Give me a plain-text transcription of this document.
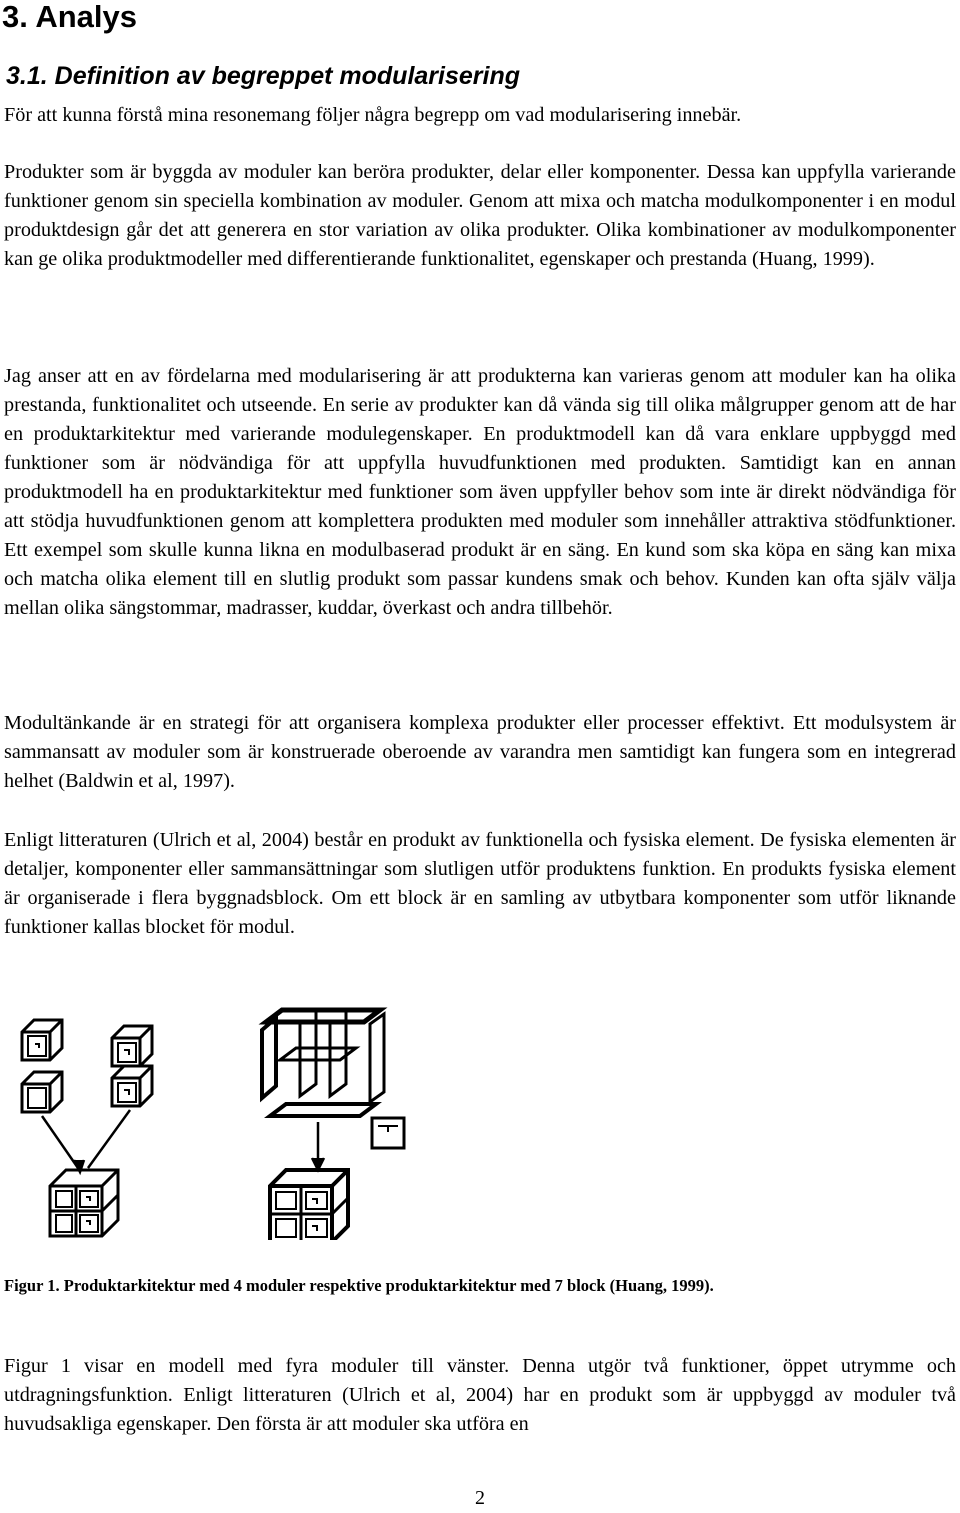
3. Analys
3.1. Definition av begreppet modularisering

För att kunna förstå mina resonemang följer några begrepp om vad modularisering innebär.

Produkter som är byggda av moduler kan beröra produkter, delar eller komponenter. Dessa kan uppfylla varierande funktioner genom sin speciella kombination av moduler. Genom att mixa och matcha modulkomponenter i en modul produktdesign går det att generera en stor variation av olika produkter. Olika kombinationer av modulkomponenter kan ge olika produktmodeller med differentierande funktionalitet, egenskaper och prestanda (Huang, 1999).

Jag anser att en av fördelarna med modularisering är att produkterna kan varieras genom att moduler kan ha olika prestanda, funktionalitet och utseende. En serie av produkter kan då vända sig till olika målgrupper genom att de har en produktarkitektur med varierande modulegenskaper. En produktmodell kan då vara enklare uppbyggd med funktioner som är nödvändiga för att uppfylla huvudfunktionen med produkten. Samtidigt kan en annan produktmodell ha en produktarkitektur med funktioner som även uppfyller behov som inte är direkt nödvändiga för att stödja huvudfunktionen genom att komplettera produkten med moduler som innehåller attraktiva stödfunktioner. Ett exempel som skulle kunna likna en modulbaserad produkt är en säng. En kund som ska köpa en säng kan mixa och matcha olika element till en slutlig produkt som passar kundens smak och behov. Kunden kan ofta själv välja mellan olika sängstommar, madrasser, kuddar, överkast och andra tillbehör.

Modultänkande är en strategi för att organisera komplexa produkter eller processer effektivt. Ett modulsystem är sammansatt av moduler som är konstruerade oberoende av varandra men samtidigt kan fungera som en integrerad helhet (Baldwin et al, 1997).

Enligt litteraturen (Ulrich et al, 2004) består en produkt av funktionella och fysiska element. De fysiska elementen är detaljer, komponenter eller sammansättningar som slutligen utför produktens funktion. En produkts fysiska element är organiserade i flera byggnadsblock. Om ett block är en samling av utbytbara komponenter som utför liknande funktioner kallas blocket för modul.

Figur 1. Produktarkitektur med 4 moduler respektive produktarkitektur med 7 block (Huang, 1999).

Figur 1 visar en modell med fyra moduler till vänster. Denna utgör två funktioner, öppet utrymme och utdragningsfunktion. Enligt litteraturen (Ulrich et al, 2004) har en produkt som är uppbyggd av moduler två huvudsakliga egenskaper. Den första är att moduler ska utföra en

2
